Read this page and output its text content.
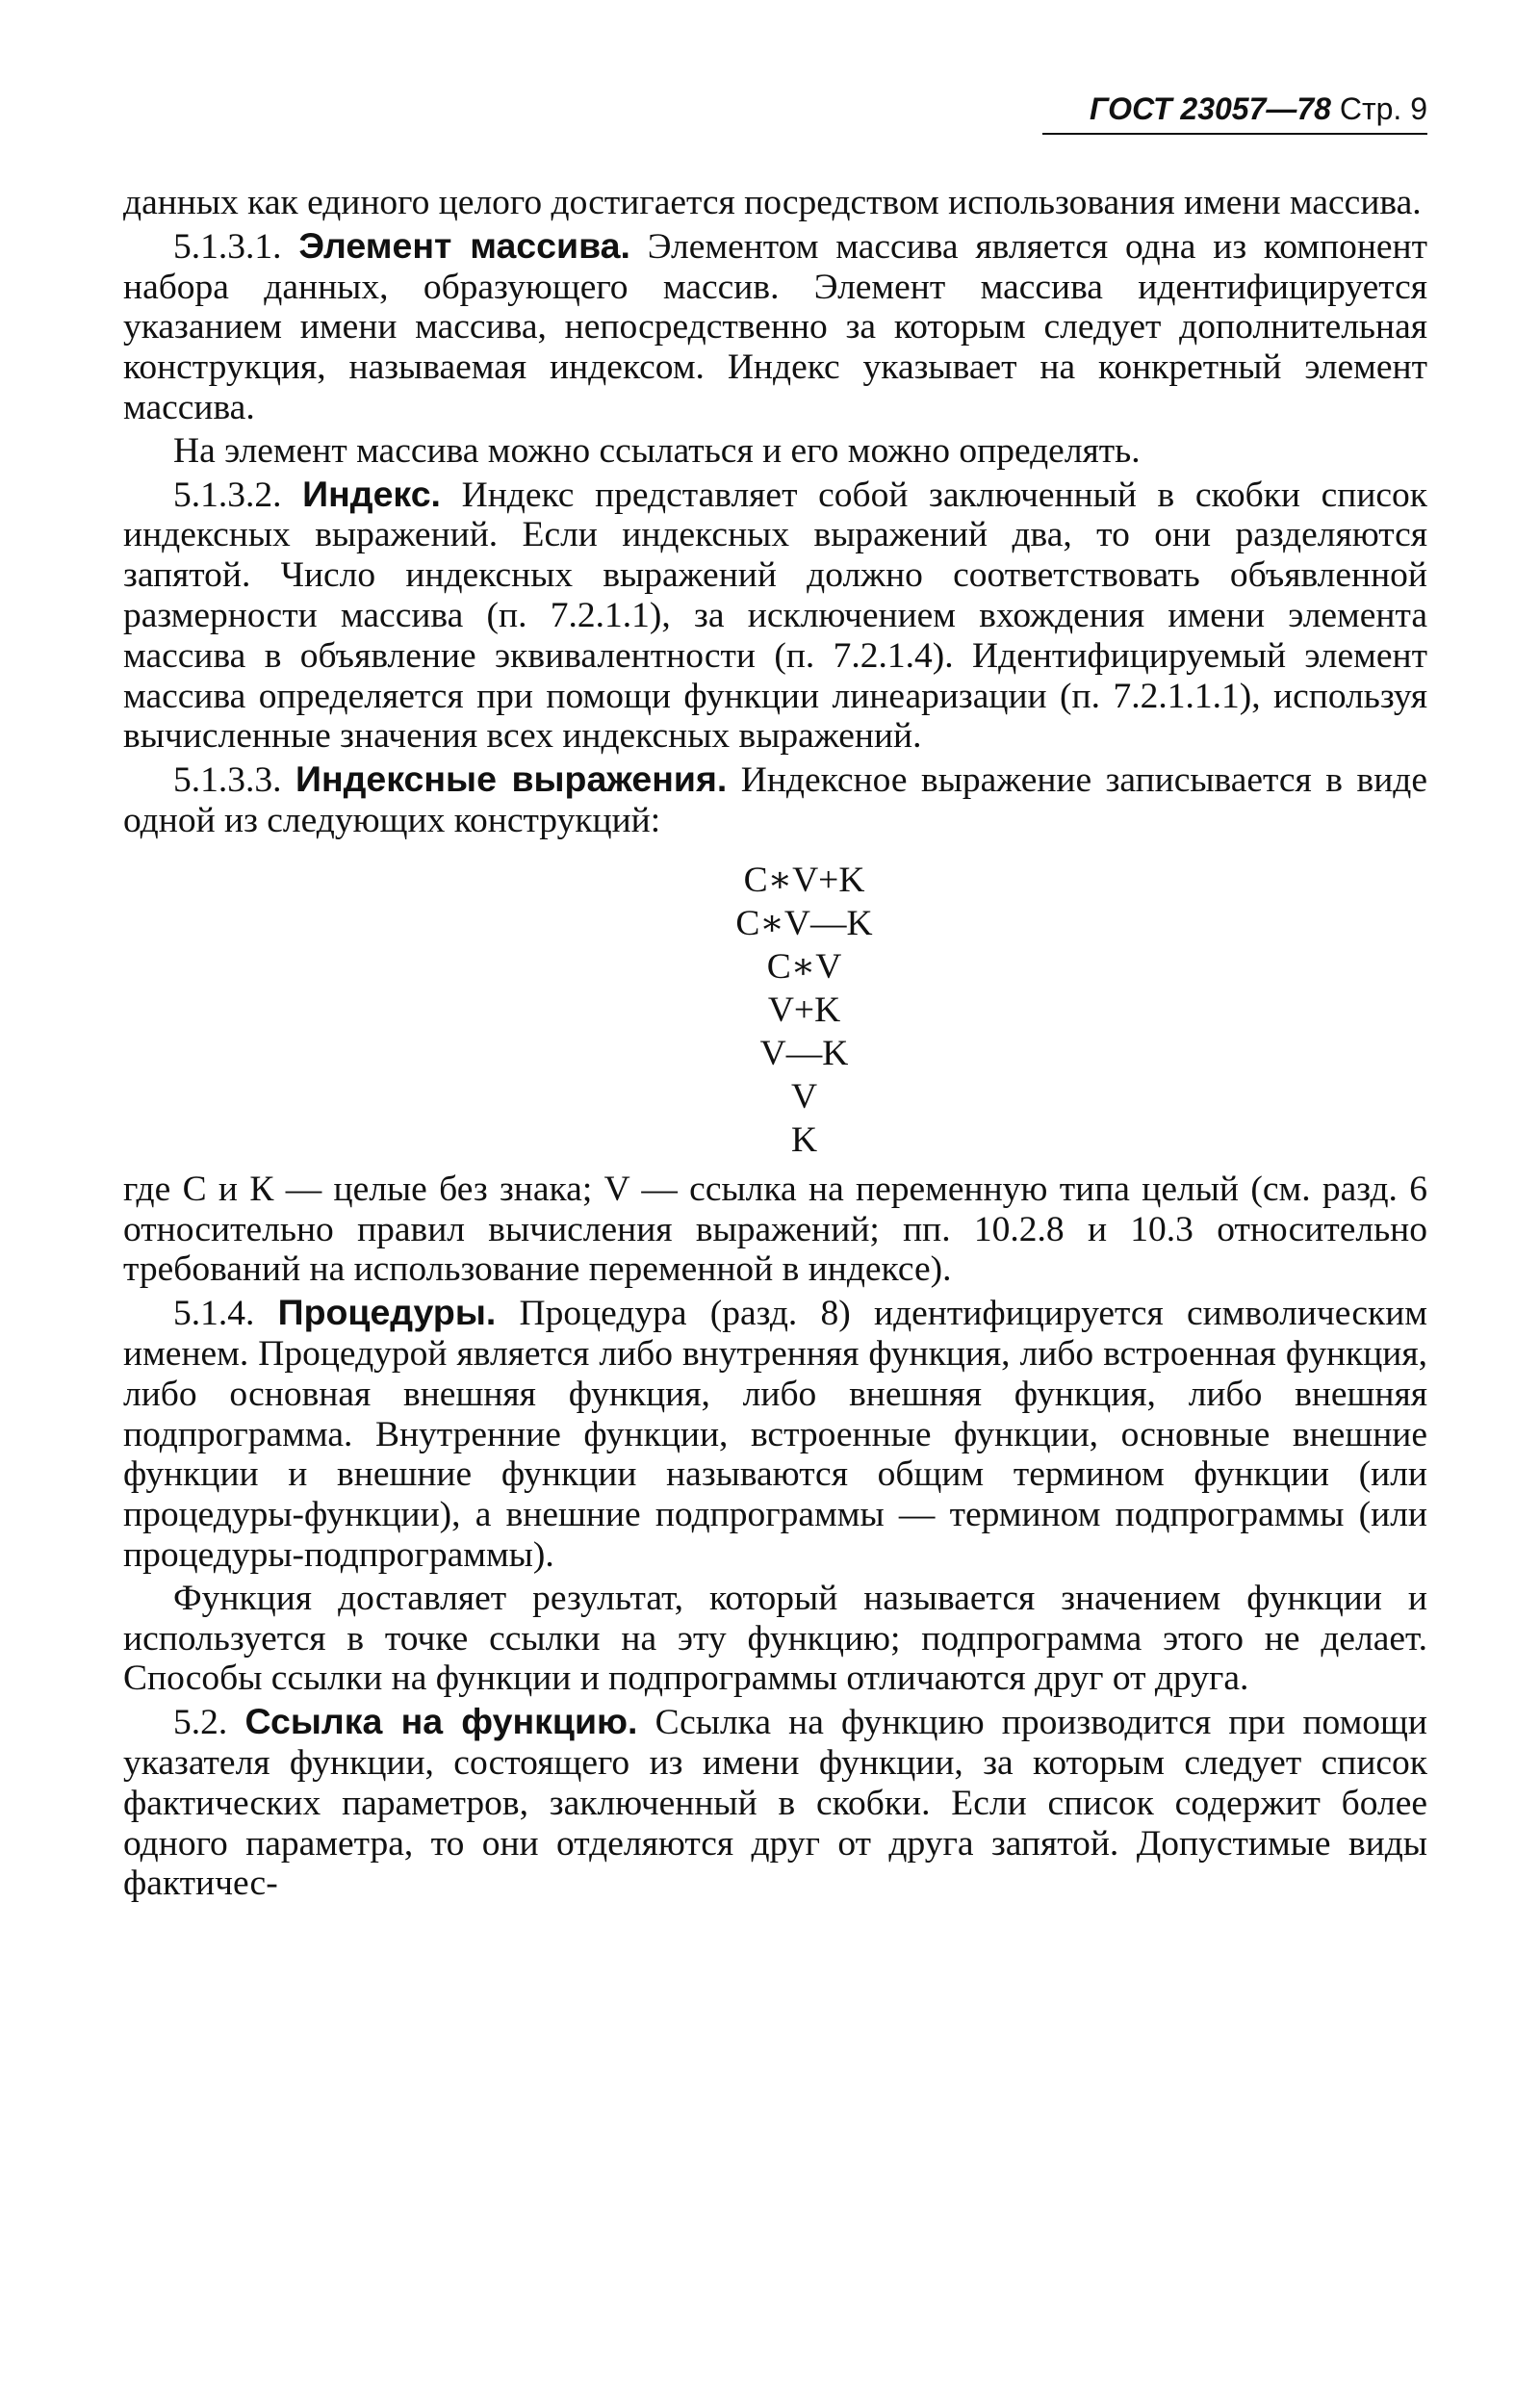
ГОСТ 23057—78 Стр. 9

данных как единого целого достигается посредством использования имени массива.

5.1.3.1. Элемент массива. Элементом массива является одна из компонент набора данных, образующего массив. Элемент массива идентифицируется указанием имени массива, непосредственно за которым следует дополнительная конструкция, называемая индексом. Индекс указывает на конкретный элемент массива.

На элемент массива можно ссылаться и его можно определять.

5.1.3.2. Индекс. Индекс представляет собой заключенный в скобки список индексных выражений. Если индексных выражений два, то они разделяются запятой. Число индексных выражений должно соответствовать объявленной размерности массива (п. 7.2.1.1), за исключением вхождения имени элемента массива в объявление эквивалентности (п. 7.2.1.4). Идентифицируемый элемент массива определяется при помощи функции линеаризации (п. 7.2.1.1.1), используя вычисленные значения всех индексных выражений.

5.1.3.3. Индексные выражения. Индексное выражение записывается в виде одной из следующих конструкций:

C∗V+K
C∗V—K
C∗V
V+K
V—K
V
K

где С и К — целые без знака; V — ссылка на переменную типа целый (см. разд. 6 относительно правил вычисления выражений; пп. 10.2.8 и 10.3 относительно требований на использование переменной в индексе).

5.1.4. Процедуры. Процедура (разд. 8) идентифицируется символическим именем. Процедурой является либо внутренняя функция, либо встроенная функция, либо основная внешняя функция, либо внешняя функция, либо внешняя подпрограмма. Внутренние функции, встроенные функции, основные внешние функции и внешние функции называются общим термином функции (или процедуры-функции), а внешние подпрограммы — термином подпрограммы (или процедуры-подпрограммы).

Функция доставляет результат, который называется значением функции и используется в точке ссылки на эту функцию; подпрограмма этого не делает. Способы ссылки на функции и подпрограммы отличаются друг от друга.

5.2. Ссылка на функцию. Ссылка на функцию производится при помощи указателя функции, состоящего из имени функции, за которым следует список фактических параметров, заключенный в скобки. Если список содержит более одного параметра, то они отделяются друг от друга запятой. Допустимые виды фактичес-
